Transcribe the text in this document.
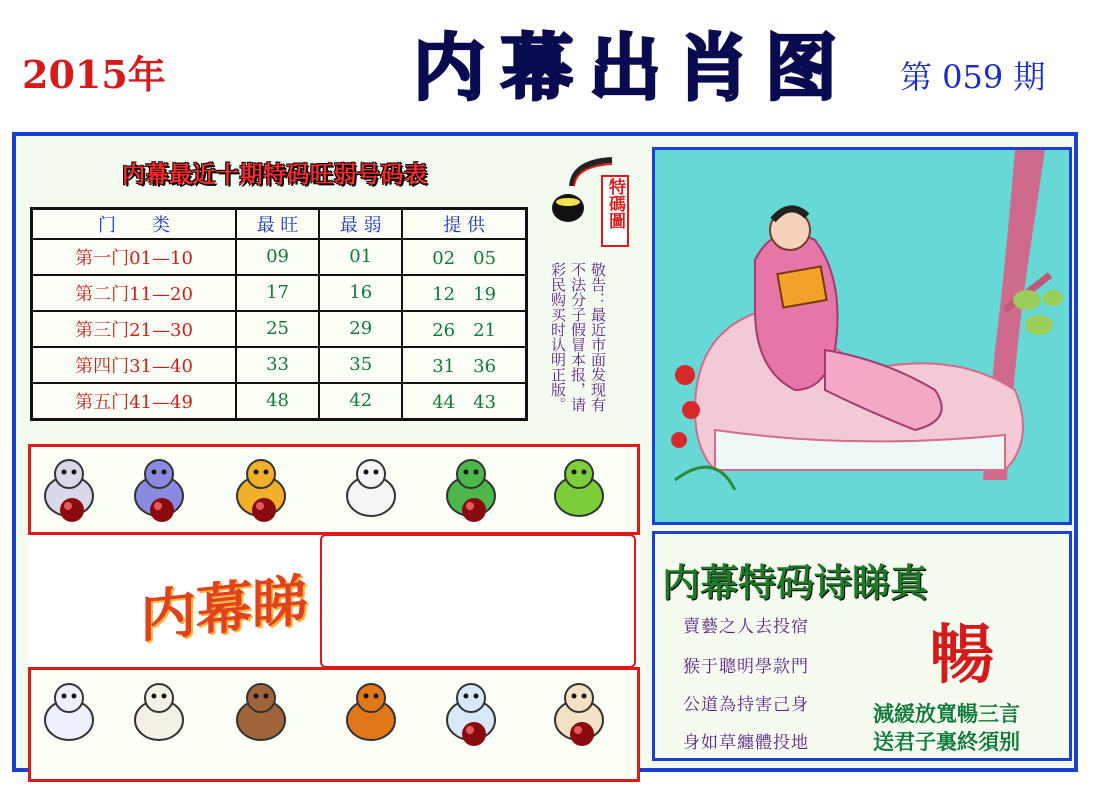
2015年	内 幕 出 肖 图 第 059 期
内幕最近十期特码旺弱号码表
门　　类	最 旺	最 弱	提 供
第一门01—10	09	01	02　05
第二门11—20	17	16	12　19
第三门21—30	25	29	26　21
第四门31—40	33	35	31　36
第五门41—49	48	42	44　43
特碼圖
敬告：最近市面发现有不法分子假冒本报，请彩民购买时认明正版。
内幕睇	内幕特码诗睇真
暢
賣藝之人去投宿
猴于聰明學款門
公道為持害己身
身如草纏體投地
減緩放寬暢三言
送君子裏終須别
